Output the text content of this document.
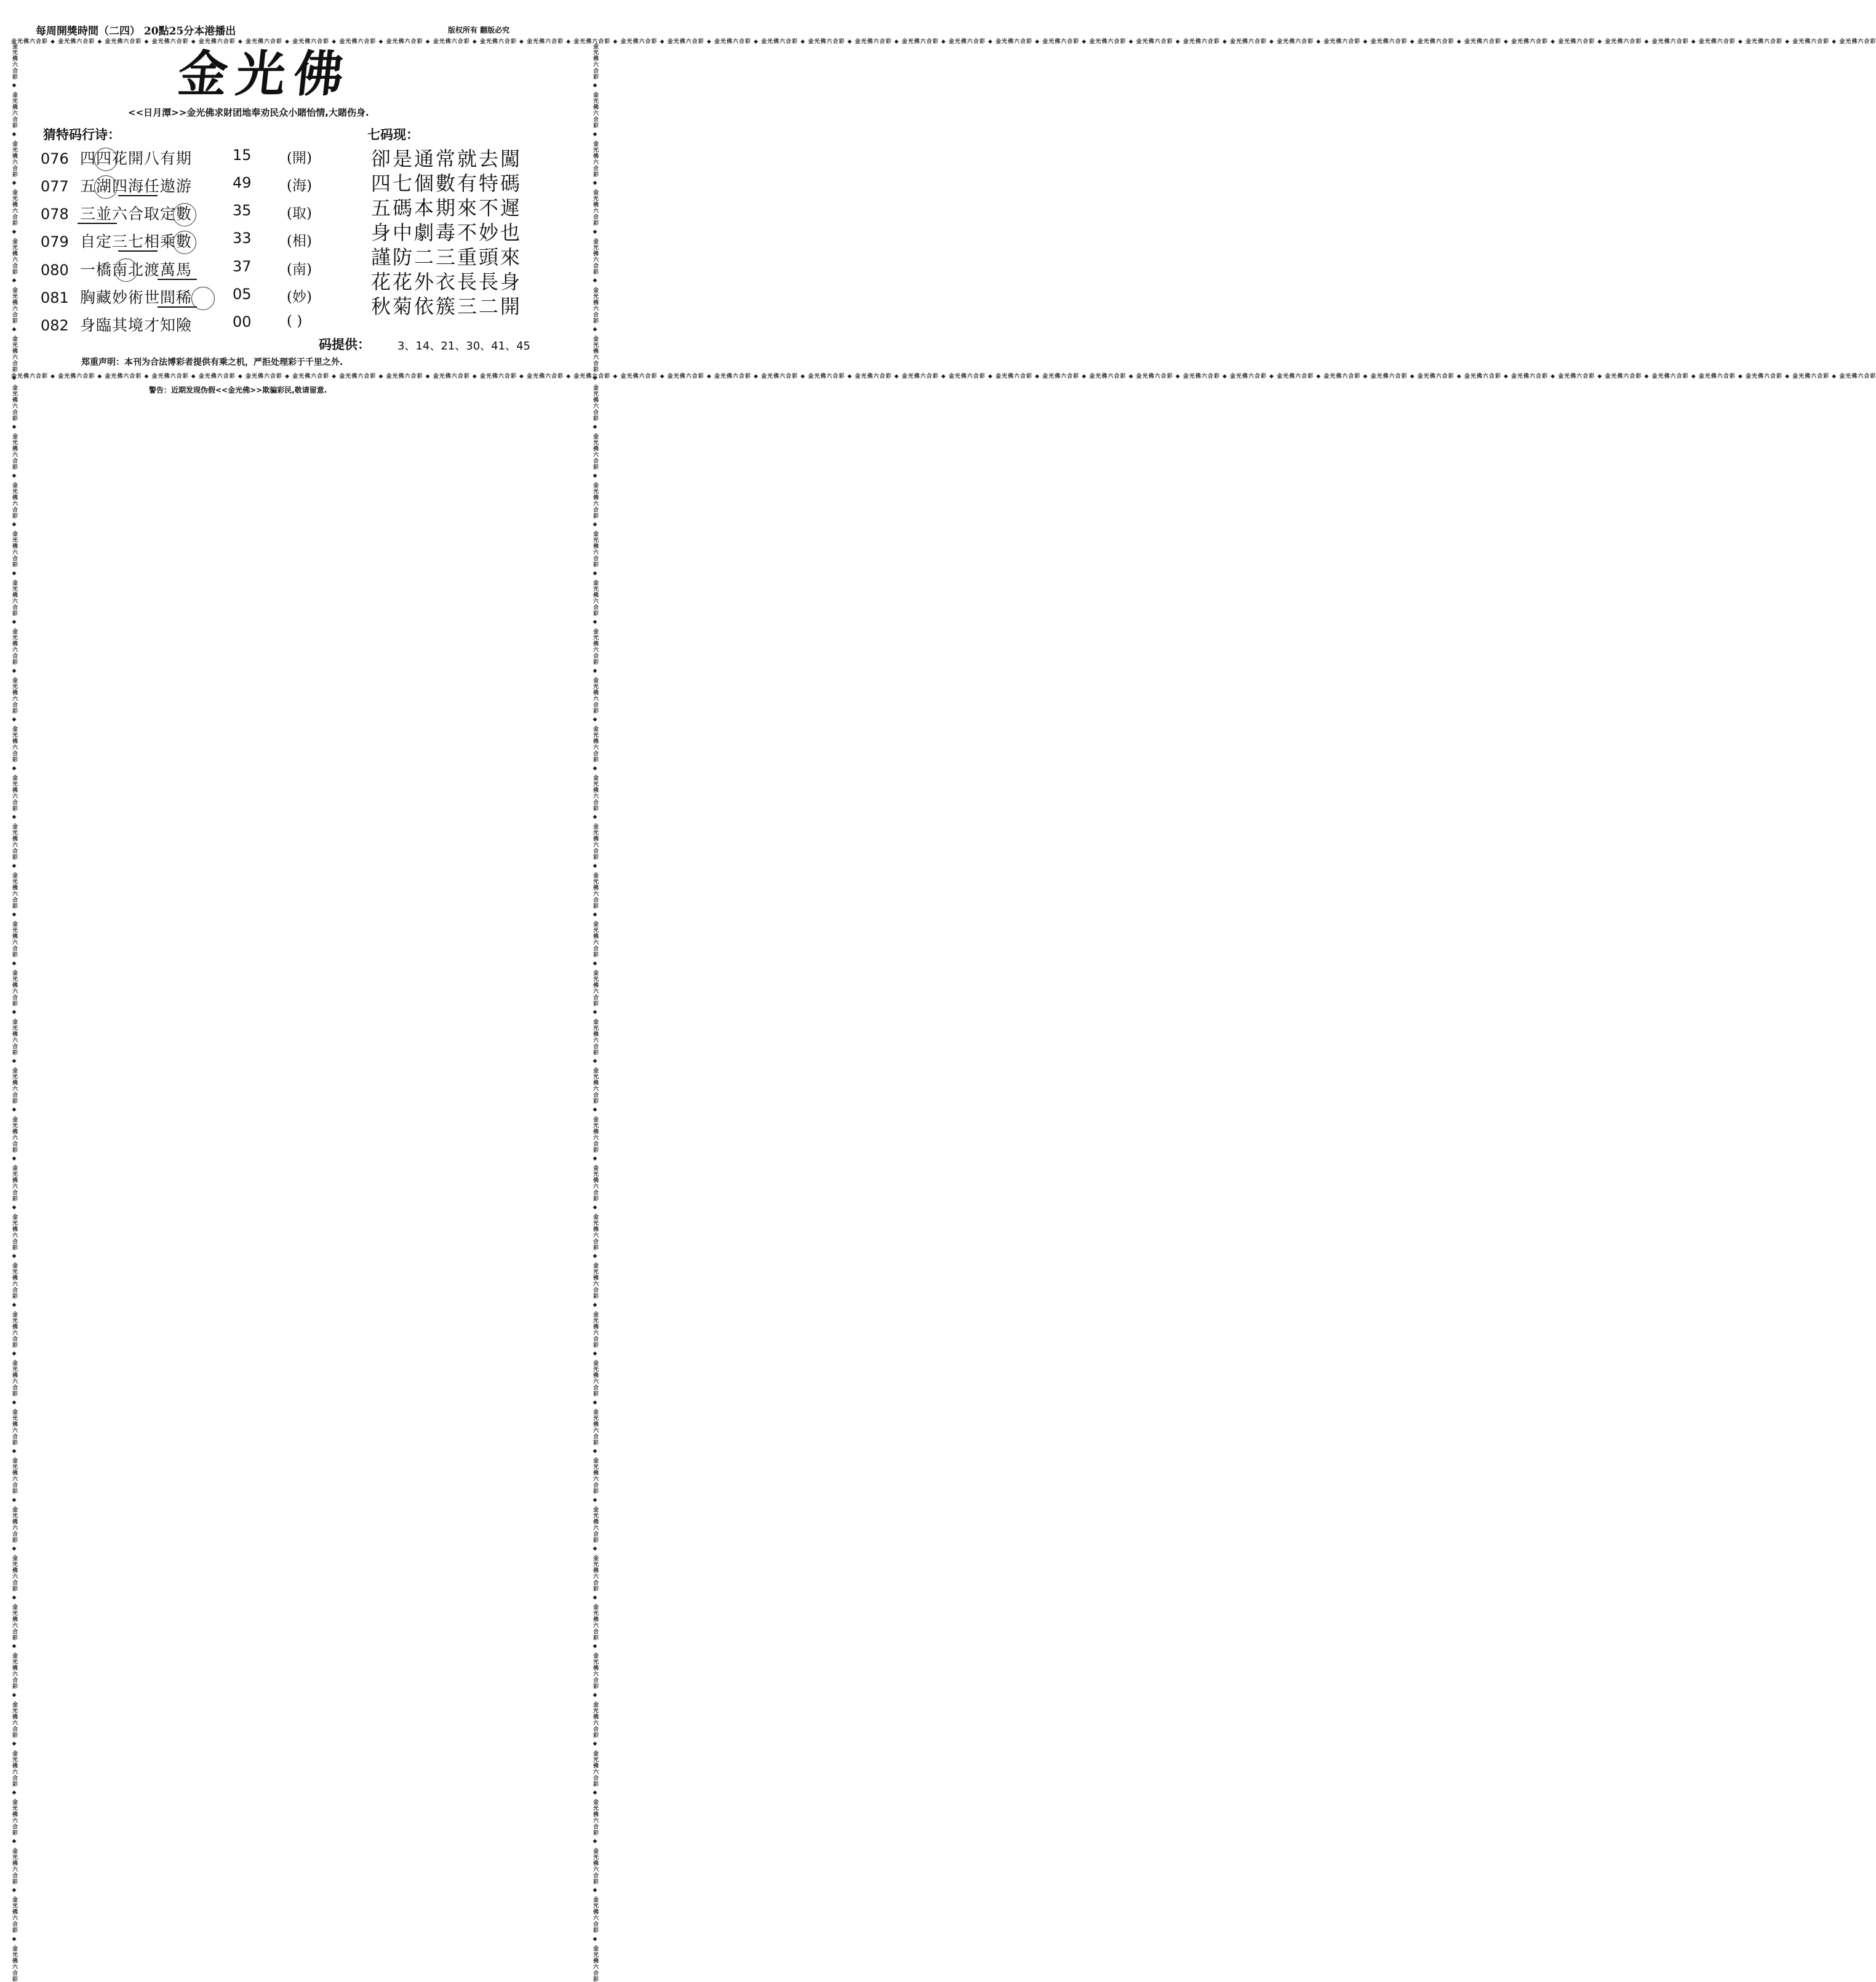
每周開獎時間（二四） 20點25分本港播出	版权所有 翻版必究
金光佛六合彩 ◆ 金光佛六合彩 ◆ 金光佛六合彩 ◆ 金光佛六合彩 ◆ 金光佛六合彩 ◆ 金光佛六合彩 ◆ 金光佛六合彩 ◆ 金光佛六合彩 ◆ 金光佛六合彩 ◆ 金光佛六合彩 ◆ 金光佛六合彩 ◆ 金光佛六合彩 ◆ 金光佛六合彩 ◆ 金光佛六合彩 ◆ 金光佛六合彩 ◆ 金光佛六合彩 ◆ 金光佛六合彩 ◆ 金光佛六合彩 ◆ 金光佛六合彩 ◆ 金光佛六合彩 ◆ 金光佛六合彩 ◆ 金光佛六合彩 ◆ 金光佛六合彩 ◆ 金光佛六合彩 ◆ 金光佛六合彩 ◆ 金光佛六合彩 ◆ 金光佛六合彩 ◆ 金光佛六合彩 ◆ 金光佛六合彩 ◆ 金光佛六合彩 ◆ 金光佛六合彩 ◆ 金光佛六合彩 ◆ 金光佛六合彩 ◆ 金光佛六合彩 ◆ 金光佛六合彩 ◆ 金光佛六合彩 ◆ 金光佛六合彩 ◆ 金光佛六合彩 ◆ 金光佛六合彩 ◆ 金光佛六合彩
金光佛六合彩 ◆ 金光佛六合彩 ◆ 金光佛六合彩 ◆ 金光佛六合彩 ◆ 金光佛六合彩 ◆ 金光佛六合彩 ◆ 金光佛六合彩 ◆ 金光佛六合彩 ◆ 金光佛六合彩 ◆ 金光佛六合彩 ◆ 金光佛六合彩 ◆ 金光佛六合彩 ◆ 金光佛六合彩 ◆ 金光佛六合彩 ◆ 金光佛六合彩 ◆ 金光佛六合彩 ◆ 金光佛六合彩 ◆ 金光佛六合彩 ◆ 金光佛六合彩 ◆ 金光佛六合彩 ◆ 金光佛六合彩 ◆ 金光佛六合彩 ◆ 金光佛六合彩 ◆ 金光佛六合彩 ◆ 金光佛六合彩 ◆ 金光佛六合彩 ◆ 金光佛六合彩 ◆ 金光佛六合彩 ◆ 金光佛六合彩 ◆ 金光佛六合彩 ◆ 金光佛六合彩 ◆ 金光佛六合彩 ◆ 金光佛六合彩 ◆ 金光佛六合彩 ◆ 金光佛六合彩 ◆ 金光佛六合彩 ◆ 金光佛六合彩 ◆ 金光佛六合彩 ◆ 金光佛六合彩 ◆ 金光佛六合彩
金光佛六合彩 ◆ 金光佛六合彩 ◆ 金光佛六合彩 ◆ 金光佛六合彩 ◆ 金光佛六合彩 ◆ 金光佛六合彩 ◆ 金光佛六合彩 ◆ 金光佛六合彩 ◆ 金光佛六合彩 ◆ 金光佛六合彩 ◆ 金光佛六合彩 ◆ 金光佛六合彩 ◆ 金光佛六合彩 ◆ 金光佛六合彩 ◆ 金光佛六合彩 ◆ 金光佛六合彩 ◆ 金光佛六合彩 ◆ 金光佛六合彩 ◆ 金光佛六合彩 ◆ 金光佛六合彩 ◆ 金光佛六合彩 ◆ 金光佛六合彩 ◆ 金光佛六合彩 ◆ 金光佛六合彩 ◆ 金光佛六合彩 ◆ 金光佛六合彩 ◆ 金光佛六合彩 ◆ 金光佛六合彩 ◆ 金光佛六合彩 ◆ 金光佛六合彩 ◆ 金光佛六合彩 ◆ 金光佛六合彩 ◆ 金光佛六合彩 ◆ 金光佛六合彩 ◆ 金光佛六合彩 ◆ 金光佛六合彩 ◆ 金光佛六合彩 ◆ 金光佛六合彩 ◆ 金光佛六合彩 ◆ 金光佛六合彩	金光佛六合彩 ◆ 金光佛六合彩 ◆ 金光佛六合彩 ◆ 金光佛六合彩 ◆ 金光佛六合彩 ◆ 金光佛六合彩 ◆ 金光佛六合彩 ◆ 金光佛六合彩 ◆ 金光佛六合彩 ◆ 金光佛六合彩 ◆ 金光佛六合彩 ◆ 金光佛六合彩 ◆ 金光佛六合彩 ◆ 金光佛六合彩 ◆ 金光佛六合彩 ◆ 金光佛六合彩 ◆ 金光佛六合彩 ◆ 金光佛六合彩 ◆ 金光佛六合彩 ◆ 金光佛六合彩 ◆ 金光佛六合彩 ◆ 金光佛六合彩 ◆ 金光佛六合彩 ◆ 金光佛六合彩 ◆ 金光佛六合彩 ◆ 金光佛六合彩 ◆ 金光佛六合彩 ◆ 金光佛六合彩 ◆ 金光佛六合彩 ◆ 金光佛六合彩 ◆ 金光佛六合彩 ◆ 金光佛六合彩 ◆ 金光佛六合彩 ◆ 金光佛六合彩 ◆ 金光佛六合彩 ◆ 金光佛六合彩 ◆ 金光佛六合彩 ◆ 金光佛六合彩 ◆ 金光佛六合彩 ◆ 金光佛六合彩
金光佛
<<日月潭>>金光佛求財团地奉劝民众小賭怡情,大賭伤身.
猜特码行诗：
076 四四花開八有期	15 (開)
077 五湖四海任遨游	49 (海)
078 三並六合取定數	35 (取)
079 自定三七相乘數	33 (相)
080 一橋南北渡萬馬	37 (南)
081 胸藏妙術世間稀	05 (妙)
082 身臨其境才知險	00 ( )
七码现：
卻是通常就去闖
四七個數有特碼
五碼本期來不遲
身中劇毒不妙也
謹防二三重頭來
花花外衣長長身
秋菊依簇三二開
码提供： 3、14、21、30、41、45
郑重声明：本刊为合法博彩者提供有乘之机，严拒处理彩于千里之外.
警告：近期发现伪假<<金光佛>>欺骗彩民,敬请留意.
